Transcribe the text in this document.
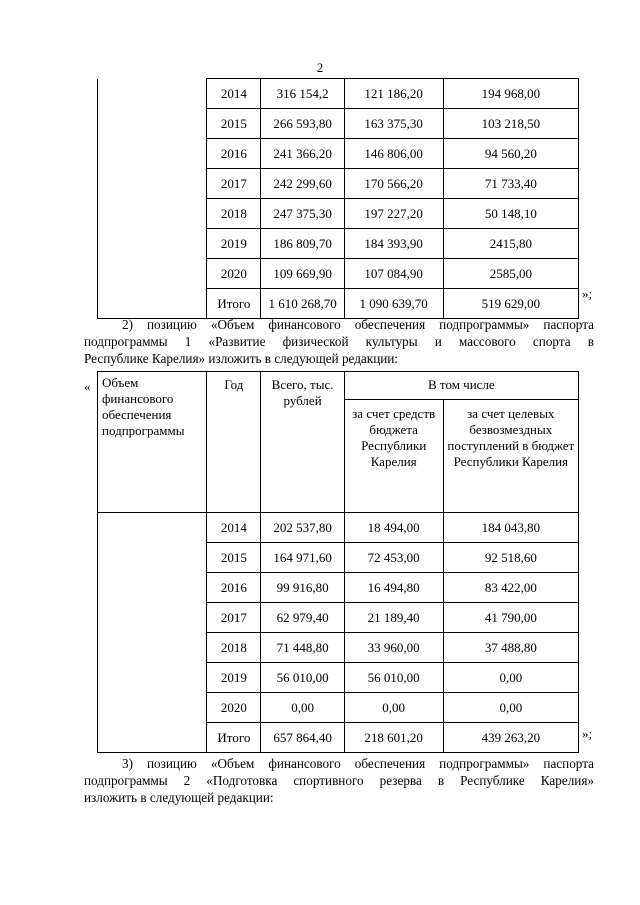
2
	2014	316 154,2	121 186,20	194 968,00
	2015	266 593,80	163 375,30	103 218,50
	2016	241 366,20	146 806,00	94 560,20
	2017	242 299,60	170 566,20	71 733,40
	2018	247 375,30	197 227,20	50 148,10
	2019	186 809,70	184 393,90	2415,80
	2020	109 669,90	107 084,90	2585,00
	Итого	1 610 268,70	1 090 639,70	519 629,00
»;
2) позицию «Объем финансового обеспечения подпрограммы» паспорта
подпрограммы 1 «Развитие физической культуры и массового спорта в
Республике Карелия» изложить в следующей редакции:
« Объем финансового обеспечения подпрограммы	Год	Всего, тыс. рублей	В том числе	
			за счет средств бюджета Республики Карелия	за счет целевых безвозмездных поступлений в бюджет Республики Карелия
	2014	202 537,80	18 494,00	184 043,80
	2015	164 971,60	72 453,00	92 518,60
	2016	99 916,80	16 494,80	83 422,00
	2017	62 979,40	21 189,40	41 790,00
	2018	71 448,80	33 960,00	37 488,80
	2019	56 010,00	56 010,00	0,00
	2020	0,00	0,00	0,00
	Итого	657 864,40	218 601,20	439 263,20	»;
3) позицию «Объем финансового обеспечения подпрограммы» паспорта
подпрограммы 2 «Подготовка спортивного резерва в Республике Карелия»
изложить в следующей редакции:
